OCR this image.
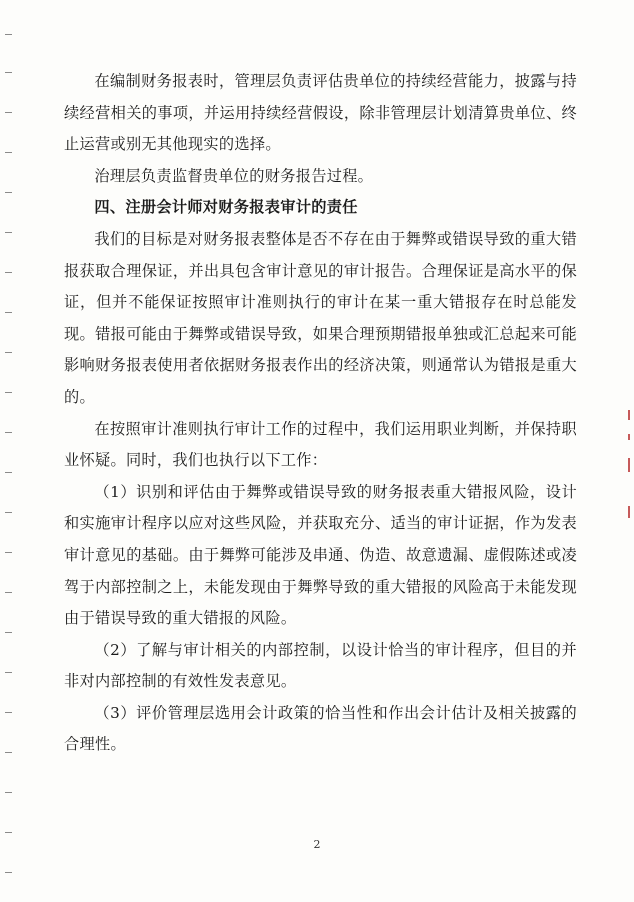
在编制财务报表时，管理层负责评估贵单位的持续经营能力，披露与持续经营相关的事项，并运用持续经营假设，除非管理层计划清算贵单位、终止运营或别无其他现实的选择。

治理层负责监督贵单位的财务报告过程。

四、注册会计师对财务报表审计的责任

我们的目标是对财务报表整体是否不存在由于舞弊或错误导致的重大错报获取合理保证，并出具包含审计意见的审计报告。合理保证是高水平的保证，但并不能保证按照审计准则执行的审计在某一重大错报存在时总能发现。错报可能由于舞弊或错误导致，如果合理预期错报单独或汇总起来可能影响财务报表使用者依据财务报表作出的经济决策，则通常认为错报是重大的。

在按照审计准则执行审计工作的过程中，我们运用职业判断，并保持职业怀疑。同时，我们也执行以下工作：

（1）识别和评估由于舞弊或错误导致的财务报表重大错报风险，设计和实施审计程序以应对这些风险，并获取充分、适当的审计证据，作为发表审计意见的基础。由于舞弊可能涉及串通、伪造、故意遗漏、虚假陈述或凌驾于内部控制之上，未能发现由于舞弊导致的重大错报的风险高于未能发现由于错误导致的重大错报的风险。

（2）了解与审计相关的内部控制，以设计恰当的审计程序，但目的并非对内部控制的有效性发表意见。

（3）评价管理层选用会计政策的恰当性和作出会计估计及相关披露的合理性。

2
